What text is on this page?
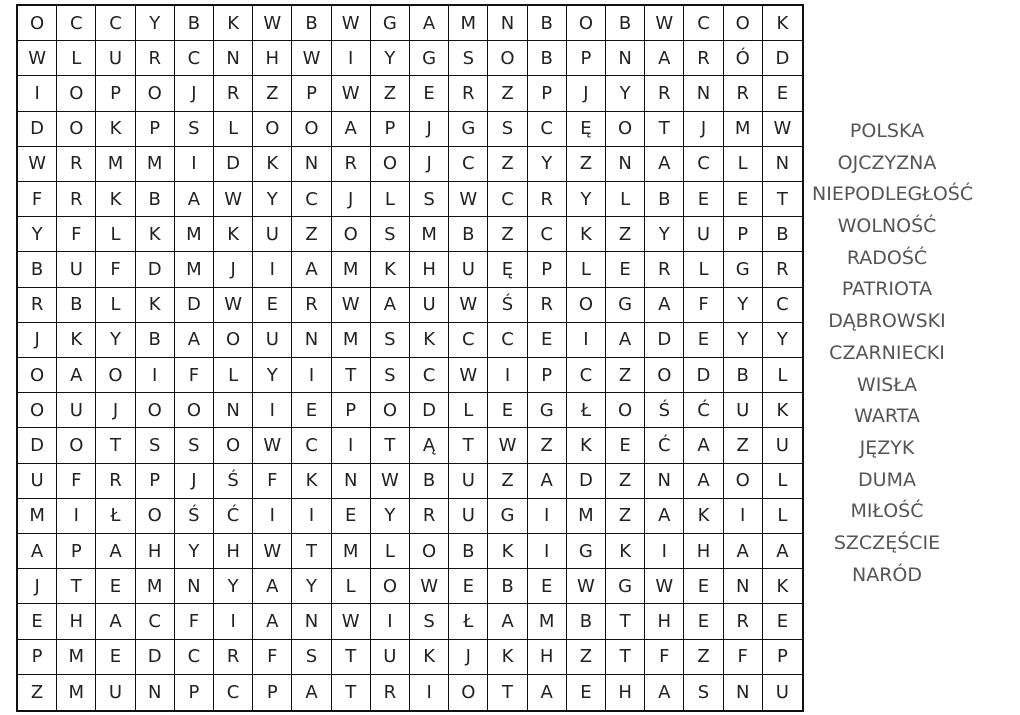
O	C	C	Y	B	K	W	B	W	G	A	M	N	B	O	B	W	C	O	K
W	L	U	R	C	N	H	W	I	Y	G	S	O	B	P	N	A	R	Ó	D
I	O	P	O	J	R	Z	P	W	Z	E	R	Z	P	J	Y	R	N	R	E
D	O	K	P	S	L	O	O	A	P	J	G	S	C	Ę	O	T	J	M	W
W	R	M	M	I	D	K	N	R	O	J	C	Z	Y	Z	N	A	C	L	N
F	R	K	B	A	W	Y	C	J	L	S	W	C	R	Y	L	B	E	E	T
Y	F	L	K	M	K	U	Z	O	S	M	B	Z	C	K	Z	Y	U	P	B
B	U	F	D	M	J	I	A	M	K	H	U	Ę	P	L	E	R	L	G	R
R	B	L	K	D	W	E	R	W	A	U	W	Ś	R	O	G	A	F	Y	C
J	K	Y	B	A	O	U	N	M	S	K	C	C	E	I	A	D	E	Y	Y
O	A	O	I	F	L	Y	I	T	S	C	W	I	P	C	Z	O	D	B	L
O	U	J	O	O	N	I	E	P	O	D	L	E	G	Ł	O	Ś	Ć	U	K
D	O	T	S	S	O	W	C	I	T	Ą	T	W	Z	K	E	Ć	A	Z	U
U	F	R	P	J	Ś	F	K	N	W	B	U	Z	A	D	Z	N	A	O	L
M	I	Ł	O	Ś	Ć	I	I	E	Y	R	U	G	I	M	Z	A	K	I	L
A	P	A	H	Y	H	W	T	M	L	O	B	K	I	G	K	I	H	A	A
J	T	E	M	N	Y	A	Y	L	O	W	E	B	E	W	G	W	E	N	K
E	H	A	C	F	I	A	N	W	I	S	Ł	A	M	B	T	H	E	R	E
P	M	E	D	C	R	F	S	T	U	K	J	K	H	Z	T	F	Z	F	P
Z	M	U	N	P	C	P	A	T	R	I	O	T	A	E	H	A	S	N	U
POLSKA
OJCZYZNA
NIEPODLEGŁOŚĆ
WOLNOŚĆ
RADOŚĆ
PATRIOTA
DĄBROWSKI
CZARNIECKI
WISŁA
WARTA
JĘZYK
DUMA
MIŁOŚĆ
SZCZĘŚCIE
NARÓD
